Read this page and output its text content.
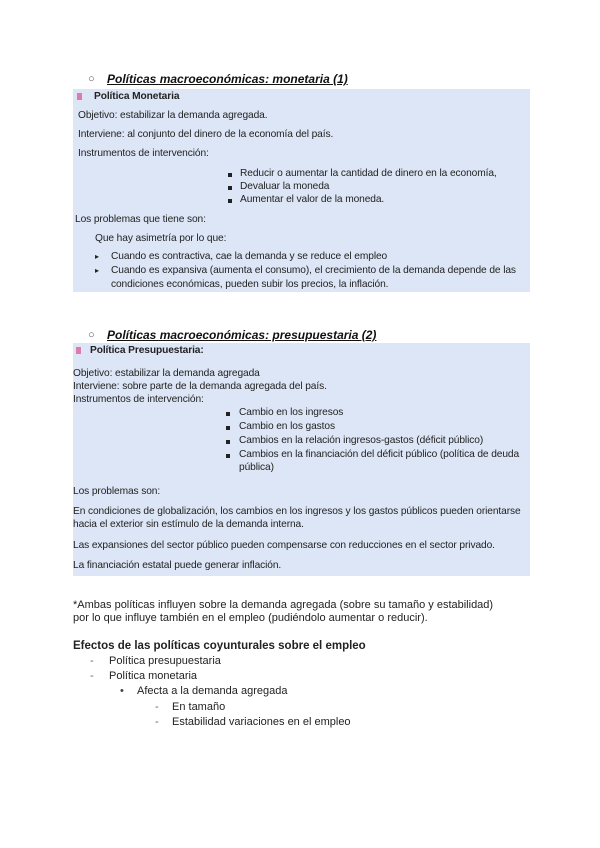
○ Políticas macroeconómicas: monetaria (1)
Política Monetaria
Objetivo: estabilizar la demanda agregada.
Interviene: al conjunto del dinero de la economía del país.
Instrumentos de intervención:
Reducir o aumentar la cantidad de dinero en la economía,
Devaluar la moneda
Aumentar el valor de la moneda.
Los problemas que tiene son:
Que hay asimetría por lo que:
▸ Cuando es contractiva, cae la demanda y se reduce el empleo
▸ Cuando es expansiva (aumenta el consumo), el crecimiento de la demanda depende de las
condiciones económicas, pueden subir los precios, la inflación.
○ Políticas macroeconómicas: presupuestaria (2)
Política Presupuestaria:
Objetivo: estabilizar la demanda agregada
Interviene: sobre parte de la demanda agregada del país.
Instrumentos de intervención:
Cambio en los ingresos
Cambio en los gastos
Cambios en la relación ingresos-gastos (déficit público)
Cambios en la financiación del déficit público (política de deuda
pública)
Los problemas son:
En condiciones de globalización, los cambios en los ingresos y los gastos públicos pueden orientarse
hacia el exterior sin estímulo de la demanda interna.
Las expansiones del sector público pueden compensarse con reducciones en el sector privado.
La financiación estatal puede generar inflación.
*Ambas políticas influyen sobre la demanda agregada (sobre su tamaño y estabilidad)
por lo que influye también en el empleo (pudiéndolo aumentar o reducir).
Efectos de las políticas coyunturales sobre el empleo
- Política presupuestaria
- Política monetaria
• Afecta a la demanda agregada
- En tamaño
- Estabilidad variaciones en el empleo
